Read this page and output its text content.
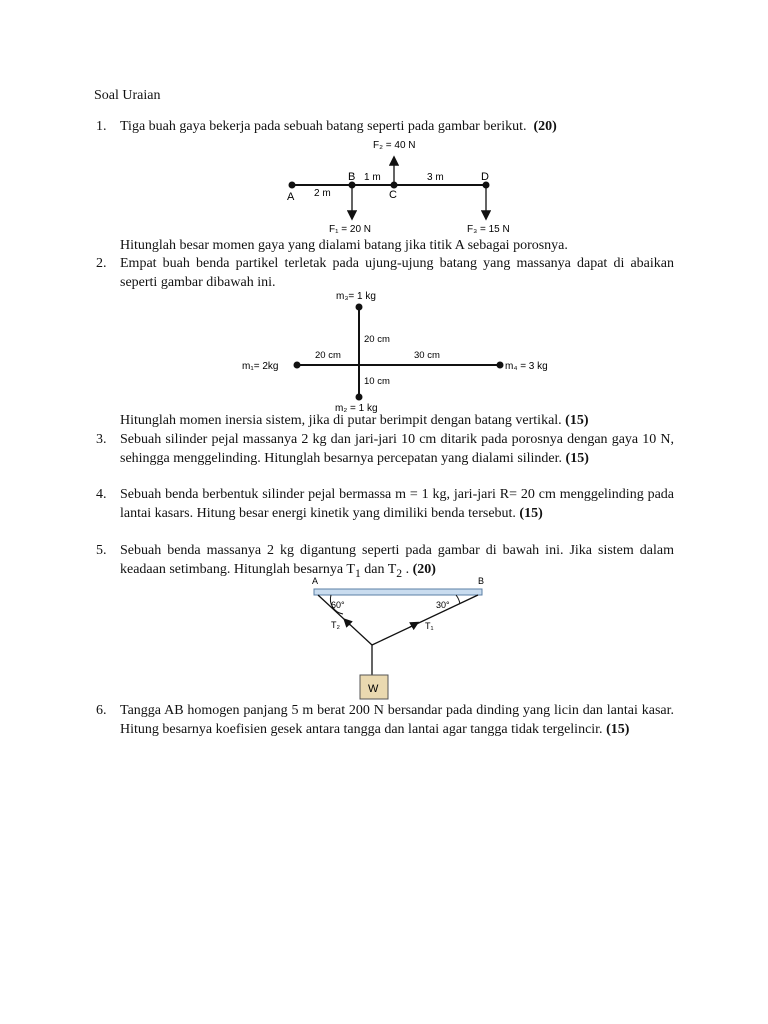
Soal Uraian
1. Tiga buah gaya bekerja pada sebuah batang seperti pada gambar berikut. (20)
F₂ = 40 N
F₁ = 20 N	F₃ = 15 N
A
B
C
D
2 m
1 m	3 m
Hitunglah besar momen gaya yang dialami batang jika titik A sebagai porosnya.
2. Empat buah benda partikel terletak pada ujung-ujung batang yang massanya dapat di abaikan seperti gambar dibawah ini.
m₃= 1 kg
m₁= 2kg	m₄ = 3 kg
m₂ = 1 kg
20 cm
20 cm	30 cm
10 cm
Hitunglah momen inersia sistem, jika di putar berimpit dengan batang vertikal. (15)
3. Sebuah silinder pejal massanya 2 kg dan jari-jari 10 cm ditarik pada porosnya dengan gaya 10 N, sehingga menggelinding. Hitunglah besarnya percepatan yang dialami silinder. (15)
4. Sebuah benda berbentuk silinder pejal bermassa m = 1 kg, jari-jari R= 20 cm menggelinding pada lantai kasars. Hitung besar energi kinetik yang dimiliki benda tersebut. (15)
5. Sebuah benda massanya 2 kg digantung seperti pada gambar di bawah ini. Jika sistem dalam keadaan setimbang. Hitunglah besarnya $T_1$ dan $T_2$ . (20)
A	B
60°	30°
T₂	T₁
W
6. Tangga AB homogen panjang 5 m berat 200 N bersandar pada dinding yang licin dan lantai kasar. Hitung besarnya koefisien gesek antara tangga dan lantai agar tangga tidak tergelincir. (15)
